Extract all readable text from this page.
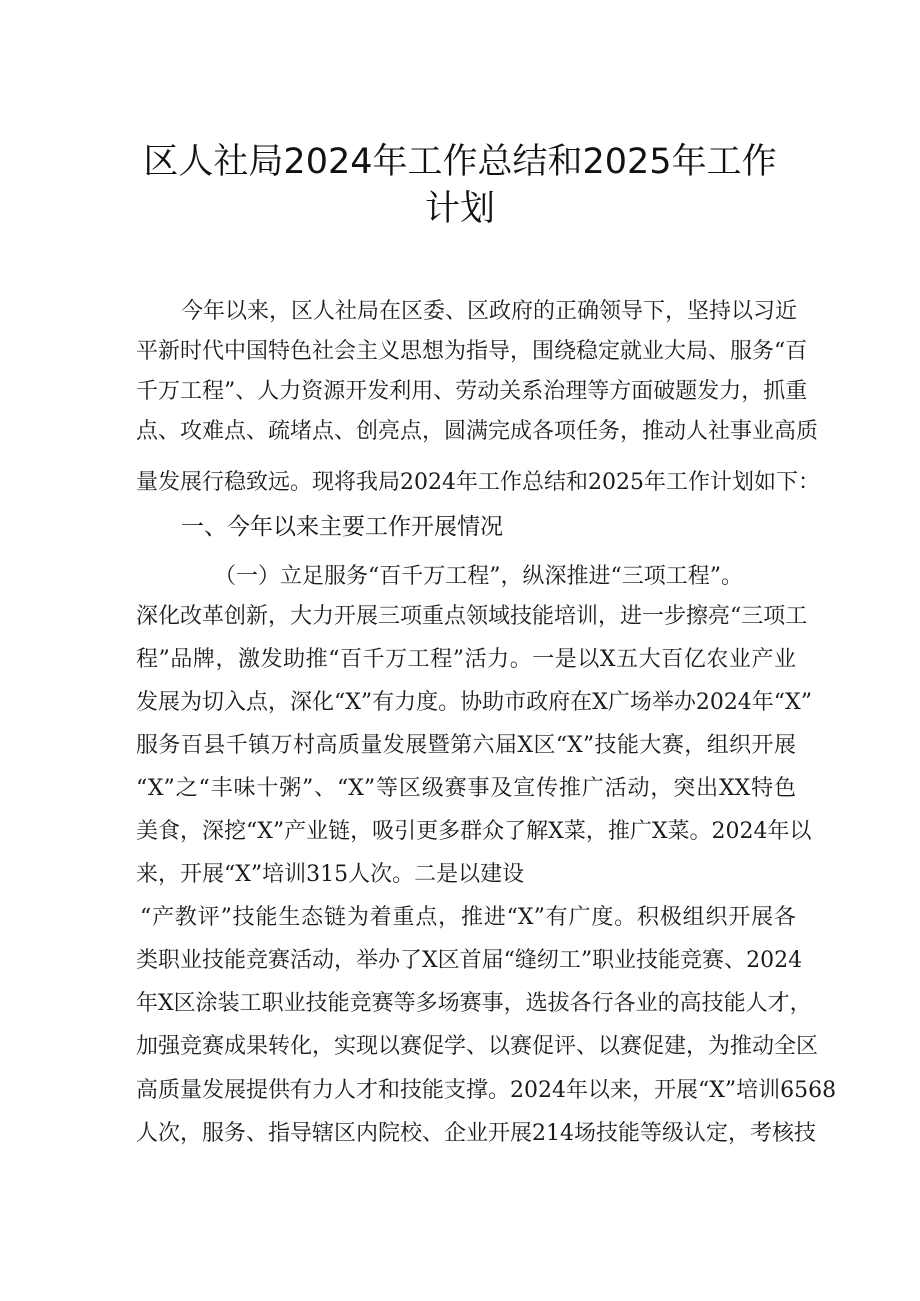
区人社局2024年工作总结和2025年工作
计划
今年以来，区人社局在区委、区政府的正确领导下，坚持以习近
平新时代中国特色社会主义思想为指导，围绕稳定就业大局、服务“百
千万工程”、人力资源开发利用、劳动关系治理等方面破题发力，抓重
点、攻难点、疏堵点、创亮点，圆满完成各项任务，推动人社事业高质
量发展行稳致远。现将我局2024年工作总结和2025年工作计划如下：
一、今年以来主要工作开展情况
（一）立足服务“百千万工程”，纵深推进“三项工程”。
深化改革创新，大力开展三项重点领域技能培训，进一步擦亮“三项工
程”品牌，激发助推“百千万工程”活力。一是以X五大百亿农业产业
发展为切入点，深化“X”有力度。协助市政府在X广场举办2024年“X”
服务百县千镇万村高质量发展暨第六届X区“X”技能大赛，组织开展
“X”之“丰味十粥”、“X”等区级赛事及宣传推广活动，突出XX特色
美食，深挖“X”产业链，吸引更多群众了解X菜，推广X菜。2024年以
来，开展“X”培训315人次。二是以建设
“产教评”技能生态链为着重点，推进“X”有广度。积极组织开展各
类职业技能竞赛活动，举办了X区首届“缝纫工”职业技能竞赛、2024
年X区涂装工职业技能竞赛等多场赛事，选拔各行各业的高技能人才，
加强竞赛成果转化，实现以赛促学、以赛促评、以赛促建，为推动全区
高质量发展提供有力人才和技能支撑。2024年以来，开展“X”培训6568
人次，服务、指导辖区内院校、企业开展214场技能等级认定，考核技
